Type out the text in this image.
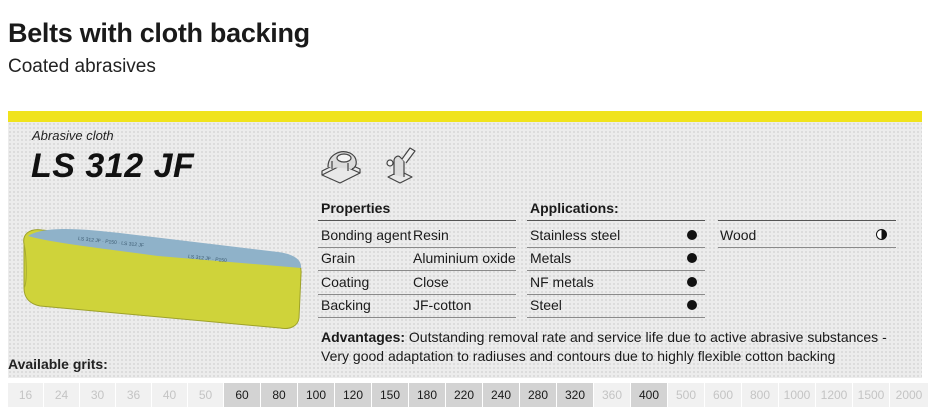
Belts with cloth backing
Coated abrasives
Abrasive cloth
LS 312 JF
LS 312 JF · P150 · LS 312 JF
LS 312 JF · P150
Properties
Bonding agent Resin
Grain	Aluminium oxide
Coating	Close
Backing	JF-cotton
Applications:
Stainless steel
Metals
NF metals
Steel
Wood
Advantages: Outstanding removal rate and service life due to active abrasive substances - Very good adaptation to radiuses and contours due to highly flexible cotton backing
Available grits:
16	24	30	36	40	50	60	80	100	120	150	180	220	240	280	320	360	400	500	600	800	1000 1200 1500 2000
